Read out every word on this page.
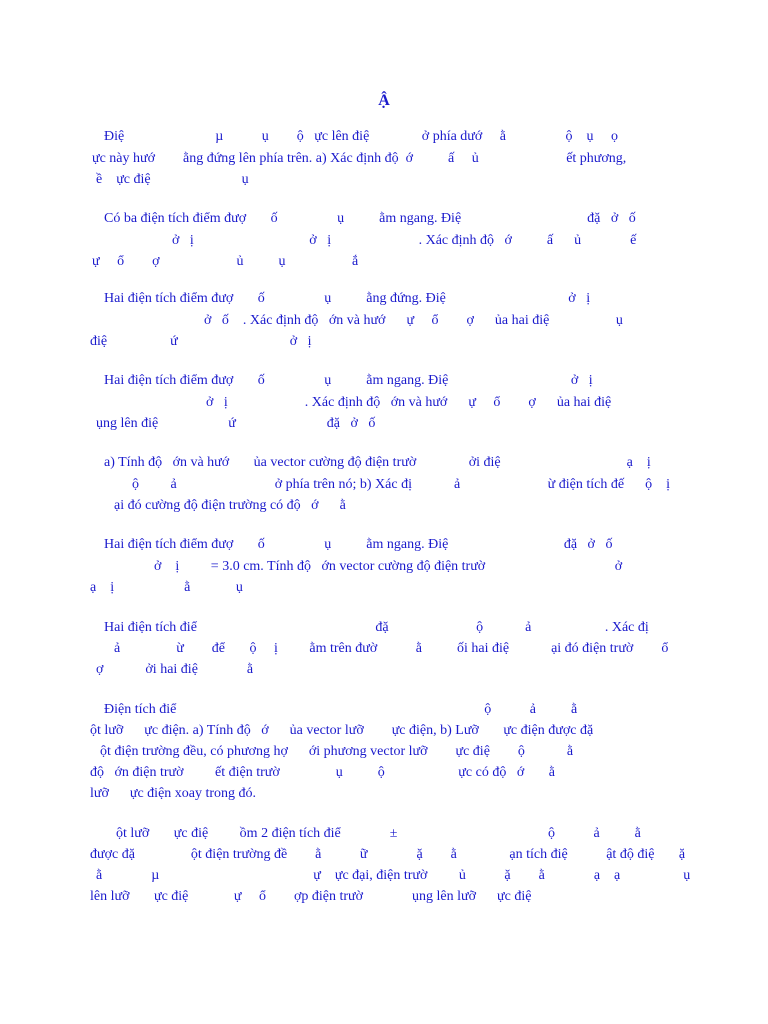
Ậ
Điệ                          µ           ụ        ộ   ực lên điệ               ở phía dướ     ằ                 ộ    ụ     ọ
ực này hướ        ằng đứng lên phía trên. a) Xác định độ  ớ          ấ     ủ                         ết phương,
ề    ực điệ                          ụ
Có ba điện tích điểm đượ       ố                 ụ          ằm ngang. Điệ                                    đặ   ở   ố
ở   ị                                 ở   ị                         . Xác định độ   ớ          ấ      ủ              ế
ự     ổ        ợ                      ủ          ụ                   ắ
Hai điện tích điểm đượ       ố                 ụ          ằng đứng. Điệ                                   ở   ị
ở   ố    . Xác định độ   ớn và hướ      ự     ổ        ợ      ủa hai điệ                   ụ
điệ                  ứ                                ở   ị
Hai điện tích điểm đượ       ố                 ụ          ằm ngang. Điệ                                   ở   ị
ở   ị                      . Xác định độ   ớn và hướ      ự     ổ        ợ      ủa hai điệ
ụng lên điệ                    ứ                          đặ   ở   ố
a) Tính độ   ớn và hướ       ủa vector cường độ điện trườ               ởi điệ                                    ạ    ị
ộ         ả                            ở phía trên nó; b) Xác đị            ả                         ừ điện tích đế      ộ    ị
ại đó cường độ điện trường có độ   ớ      ằ
Hai điện tích điểm đượ       ố                 ụ          ằm ngang. Điệ                                 đặ   ở   ố
ở    ị         = 3.0 cm. Tính độ   ớn vector cường độ điện trườ                                     ở
ạ    ị                    ằ             ụ
Hai điện tích điể                                                   đặ                         ộ            ả                     . Xác đị
ả                ừ        để       ộ     ị         ằm trên đườ           ằ          ối hai điệ            ại đó điện trườ        ổ
ợ            ởi hai điệ              ằ
Điện tích điể                                                                                        ộ           ả          ằ
ột lưỡ      ực điện. a) Tính độ   ớ      ủa vector lưỡ        ực điện, b) Lưỡ       ực điện được đặ
ột điện trường đều, có phương hợ      ới phương vector lưỡ        ực điệ        ộ            ằ
độ   ớn điện trườ         ết điện trườ                ụ          ộ                     ực có độ   ớ       ằ
lưỡ      ực điện xoay trong đó.
ột lưỡ       ực điệ         ồm 2 điện tích điể              ±                                           ộ           ả          ằ
được đặ                ột điện trường đề        ằ           ữ              ặ        ằ               ạn tích điệ           ật độ điệ       ặ
ằ              µ                                            ự    ực đại, điện trườ         ủ           ặ        ằ              ạ    ạ                  ụ
lên lưỡ       ực điệ             ự     ổ        ợp điện trườ              ụng lên lưỡ      ực điệ
